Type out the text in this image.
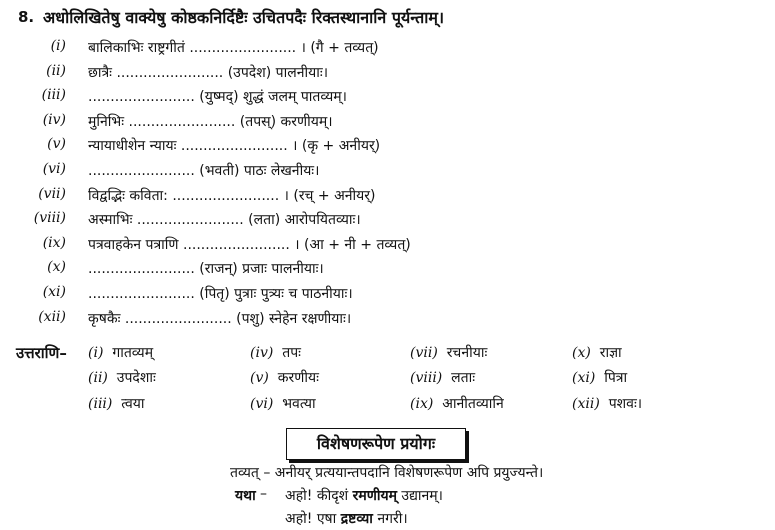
8. अधोलिखितेषु वाक्येषु कोष्ठकनिर्दिष्टैः उचितपदैः रिक्तस्थानानि पूर्यन्ताम्।
(i) बालिकाभिः राष्ट्रगीतं ........................ । (गै + तव्यत्)
(ii) छात्रैः ........................ (उपदेश) पालनीयाः।
(iii) ........................ (युष्मद्) शुद्धं जलम् पातव्यम्।
(iv) मुनिभिः ........................ (तपस्) करणीयम्।
(v) न्यायाधीशेन न्यायः ........................ । (कृ + अनीयर्)
(vi) ........................ (भवती) पाठः लेखनीयः।
(vii) विद्वद्भिः कविता: ........................ । (रच् + अनीयर्)
(viii) अस्माभिः ........................ (लता) आरोपयितव्याः।
(ix) पत्रवाहकेन पत्राणि ........................ । (आ + नी + तव्यत्)
(x) ........................ (राजन्) प्रजाः पालनीयाः।
(xi) ........................ (पितृ) पुत्राः पुत्र्यः च पाठनीयाः।
(xii) कृषकैः ........................ (पशु) स्नेहेन रक्षणीयाः।
उत्तराणि– (i) गातव्यम्	(iv) तपः	(vii) रचनीयाः	(x) राज्ञा
(ii) उपदेशाः	(v) करणीयः	(viii) लताः	(xi) पित्रा
(iii) त्वया	(vi) भवत्या	(ix) आनीतव्यानि	(xii) पशवः।
विशेषणरूपेण प्रयोगः
तव्यत् – अनीयर् प्रत्ययान्तपदानि विशेषणरूपेण अपि प्रयुज्यन्ते।
यथा – अहो! कीदृशं रमणीयम् उद्यानम्।
अहो! एषा द्रष्टव्या नगरी।
